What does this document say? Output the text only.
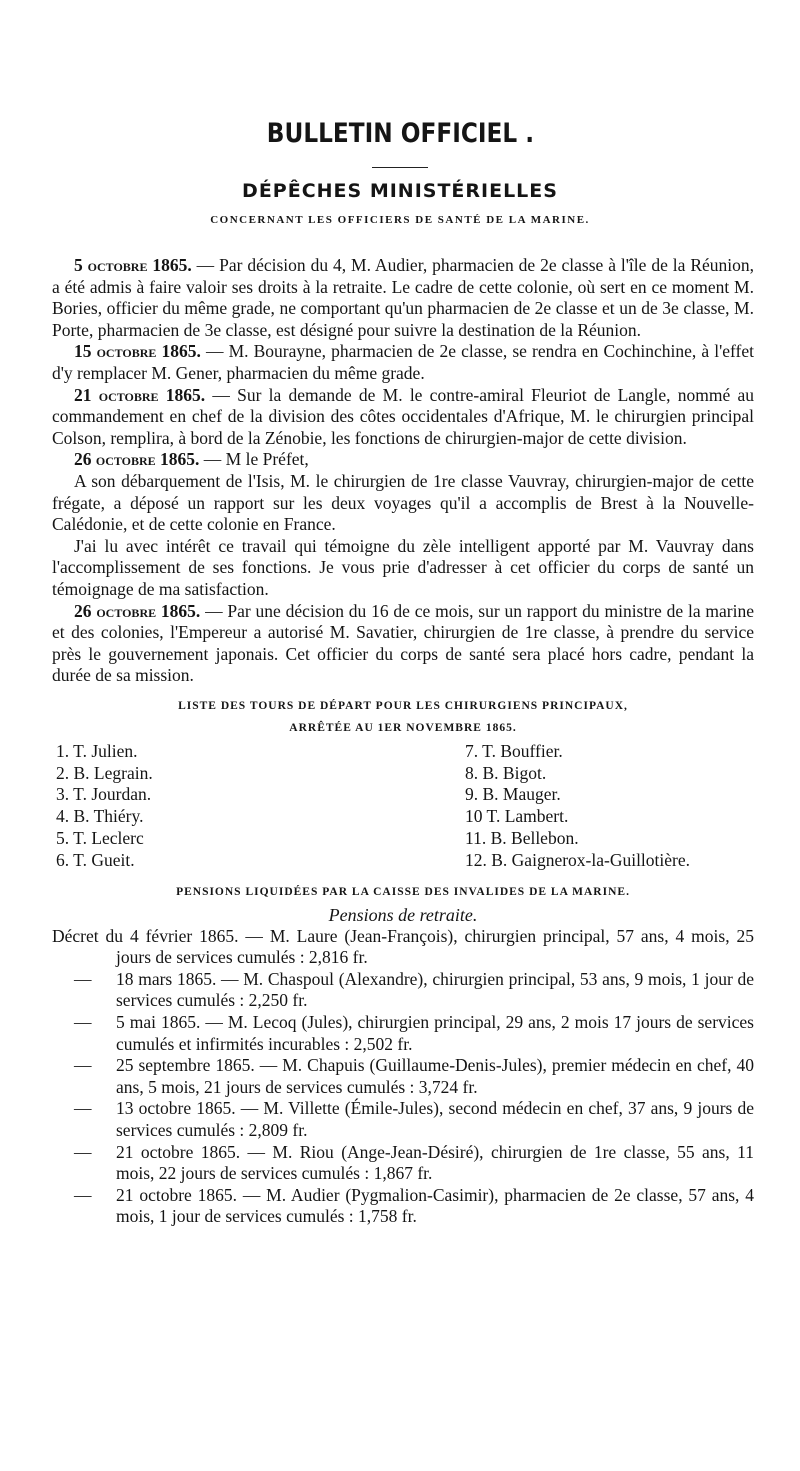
BULLETIN OFFICIEL .
DÉPÊCHES MINISTÉRIELLES
CONCERNANT LES OFFICIERS DE SANTÉ DE LA MARINE.

5 octobre 1865. — Par décision du 4, M. Audier, pharmacien de 2e classe à l'île de la Réunion, a été admis à faire valoir ses droits à la retraite. Le cadre de cette colonie, où sert en ce moment M. Bories, officier du même grade, ne comportant qu'un pharmacien de 2e classe et un de 3e classe, M. Porte, pharmacien de 3e classe, est désigné pour suivre la destination de la Réunion.

15 octobre 1865. — M. Bourayne, pharmacien de 2e classe, se rendra en Cochinchine, à l'effet d'y remplacer M. Gener, pharmacien du même grade.

21 octobre 1865. — Sur la demande de M. le contre-amiral Fleuriot de Langle, nommé au commandement en chef de la division des côtes occidentales d'Afrique, M. le chirurgien principal Colson, remplira, à bord de la Zénobie, les fonctions de chirurgien-major de cette division.

26 octobre 1865. — M le Préfet,

A son débarquement de l'Isis, M. le chirurgien de 1re classe Vauvray, chirurgien-major de cette frégate, a déposé un rapport sur les deux voyages qu'il a accomplis de Brest à la Nouvelle-Calédonie, et de cette colonie en France.

J'ai lu avec intérêt ce travail qui témoigne du zèle intelligent apporté par M. Vauvray dans l'accomplissement de ses fonctions. Je vous prie d'adresser à cet officier du corps de santé un témoignage de ma satisfaction.

26 octobre 1865. — Par une décision du 16 de ce mois, sur un rapport du ministre de la marine et des colonies, l'Empereur a autorisé M. Savatier, chirurgien de 1re classe, à prendre du service près le gouvernement japonais. Cet officier du corps de santé sera placé hors cadre, pendant la durée de sa mission.

LISTE DES TOURS DE DÉPART POUR LES CHIRURGIENS PRINCIPAUX,
ARRÊTÉE AU 1ER NOVEMBRE 1865.
1. T. Julien.
2. B. Legrain.
3. T. Jourdan.
4. B. Thiéry.
5. T. Leclerc
6. T. Gueit.
7. T. Bouffier.
8. B. Bigot.
9. B. Mauger.
10 T. Lambert.
11. B. Bellebon.
12. B. Gaignerox-la-Guillotière.
PENSIONS LIQUIDÉES PAR LA CAISSE DES INVALIDES DE LA MARINE.
Pensions de retraite.
Décret du 4 février 1865. — M. Laure (Jean-François), chirurgien principal, 57 ans, 4 mois, 25 jours de services cumulés : 2,816 fr.
— 18 mars 1865. — M. Chaspoul (Alexandre), chirurgien principal, 53 ans, 9 mois, 1 jour de services cumulés : 2,250 fr.
— 5 mai 1865. — M. Lecoq (Jules), chirurgien principal, 29 ans, 2 mois 17 jours de services cumulés et infirmités incurables : 2,502 fr.
— 25 septembre 1865. — M. Chapuis (Guillaume-Denis-Jules), premier médecin en chef, 40 ans, 5 mois, 21 jours de services cumulés : 3,724 fr.
— 13 octobre 1865. — M. Villette (Émile-Jules), second médecin en chef, 37 ans, 9 jours de services cumulés : 2,809 fr.
— 21 octobre 1865. — M. Riou (Ange-Jean-Désiré), chirurgien de 1re classe, 55 ans, 11 mois, 22 jours de services cumulés : 1,867 fr.
— 21 octobre 1865. — M. Audier (Pygmalion-Casimir), pharmacien de 2e classe, 57 ans, 4 mois, 1 jour de services cumulés : 1,758 fr.
